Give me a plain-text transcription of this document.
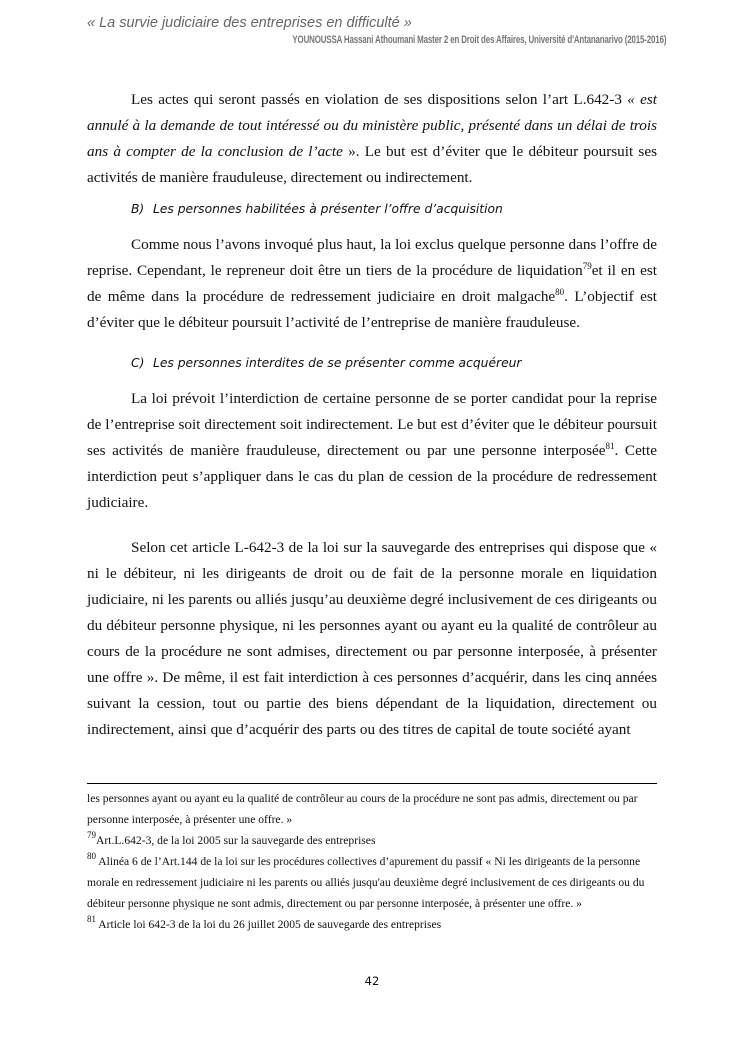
« La survie judiciaire des entreprises en difficulté »
YOUNOUSSA Hassani Athoumani Master 2 en Droit des Affaires, Université d'Antananarivo (2015-2016)
Les actes qui seront passés en violation de ses dispositions selon l’art L.642-3 « est annulé à la demande de tout intéressé ou du ministère public, présenté dans un délai de trois ans à compter de la conclusion de l’acte ». Le but est d’éviter que le débiteur poursuit ses activités de manière frauduleuse, directement ou indirectement.
B) Les personnes habilitées à présenter l’offre d’acquisition
Comme nous l’avons invoqué plus haut, la loi exclus quelque personne dans l’offre de reprise. Cependant, le repreneur doit être un tiers de la procédure de liquidation$^{79}$et il en est de même dans la procédure de redressement judiciaire en droit malgache$^{80}$. L’objectif est d’éviter que le débiteur poursuit l’activité de l’entreprise de manière frauduleuse.
C) Les personnes interdites de se présenter comme acquéreur
La loi prévoit l’interdiction de certaine personne de se porter candidat pour la reprise de l’entreprise soit directement soit indirectement. Le but est d’éviter que le débiteur poursuit ses activités de manière frauduleuse, directement ou par une personne interposée$^{81}$. Cette interdiction peut s’appliquer dans le cas du plan de cession de la procédure de redressement judiciaire.
Selon cet article L-642-3 de la loi sur la sauvegarde des entreprises qui dispose que « ni le débiteur, ni les dirigeants de droit ou de fait de la personne morale en liquidation judiciaire, ni les parents ou alliés jusqu’au deuxième degré inclusivement de ces dirigeants ou du débiteur personne physique, ni les personnes ayant ou ayant eu la qualité de contrôleur au cours de la procédure ne sont admises, directement ou par personne interposée, à présenter une offre ». De même, il est fait interdiction à ces personnes d’acquérir, dans les cinq années suivant la cession, tout ou partie des biens dépendant de la liquidation, directement ou indirectement, ainsi que d’acquérir des parts ou des titres de capital de toute société ayant
les personnes ayant ou ayant eu la qualité de contrôleur au cours de la procédure ne sont pas admis, directement ou par personne interposée, à présenter une offre. »
$^{79}$Art.L.642-3, de la loi 2005 sur la sauvegarde des entreprises
$^{80}$ Alinéa 6 de l’Art.144 de la loi sur les procédures collectives d’apurement du passif « Ni les dirigeants de la personne morale en redressement judiciaire ni les parents ou alliés jusqu'au deuxième degré inclusivement de ces dirigeants ou du débiteur personne physique ne sont admis, directement ou par personne interposée, à présenter une offre. »
$^{81}$ Article loi 642-3 de la loi du 26 juillet 2005 de sauvegarde des entreprises
42
